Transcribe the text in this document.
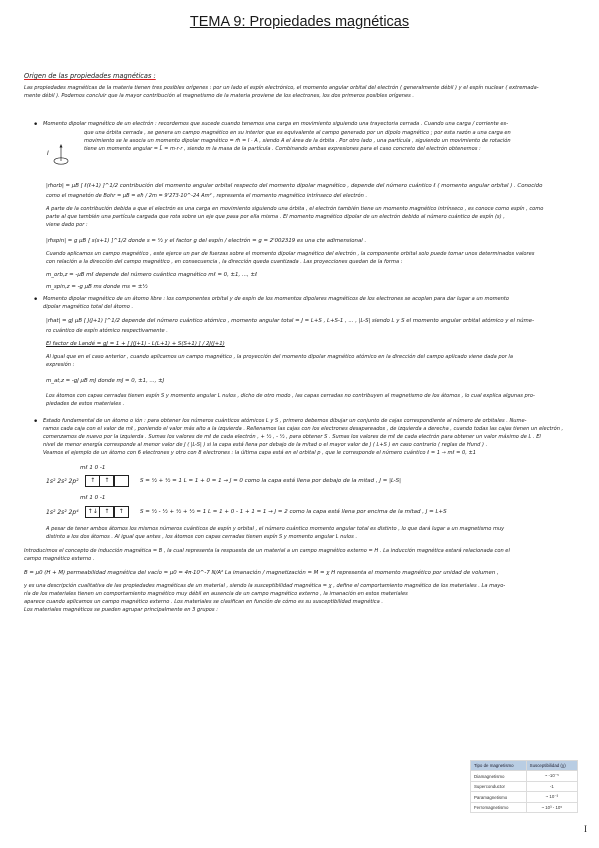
TEMA 9: Propiedades magnéticas
Origen de las propiedades magnéticas :
Las propiedades magnéticas de la materia tienen tres posibles orígenes : por un lado el espín electrónico, el momento angular orbital del electrón ( generalmente débil ) y el espín nuclear ( extremada-
mente débil ). Podemos concluir que la mayor contribución al magnetismo de la materia proviene de los electrones, los dos primeros posibles orígenes .
• Momento dipolar magnético de un electrón : recordemos que sucede cuando tenemos una carga en movimiento siguiendo una trayectoria cerrada . Cuando una carga / corriente es-
que una órbita cerrada , se genera un campo magnético en su interior que es equivalente al campo generado por un dipolo magnético ; por esta razón a una carga en
movimiento se le asocia un momento dipolar magnético = m̄ = I · A , siendo A el área de la órbita . Por otro lado , una partícula , siguiendo un movimiento de rotación
tiene un momento angular = L̄ = m·r·r , siendo m la masa de la partícula . Combinando ambas expresiones para el caso concreto del electrón obtenemos :
I
|m̄orb| = μB [ ℓ(ℓ+1) ]^1/2 contribución del momento angular orbital respecto del momento dipolar magnético , depende del número cuántico ℓ ( momento angular orbital ) . Conocido
como el magnetón de Bohr = μB = eħ / 2m = 9'273·10^-24 Am² , representa el momento magnético intrínseco del electrón .
A parte de la contribución debida a que el electrón es una carga en movimiento siguiendo una órbita , el electrón también tiene un momento magnético intrínseco , es conoce como espín , como
parte al que también una partícula cargada que rota sobre un eje que pasa por ella misma . El momento magnético dipolar de un electrón debido al número cuántico de espín (s) ,
viene dado por :
|m̄spin| = g μB [ s(s+1) ]^1/2 donde s = ½ y el factor g del espín / electrón = g = 2'002319 es una cte adimensional .
Cuando aplicamos un campo magnético , este ejerce un par de fuerzas sobre el momento dipolar magnético del electrón , la componente orbital solo puede tomar unos determinados valores
con relación a la dirección del campo magnético , en consecuencia , la dirección queda cuantizada . Las proyecciones quedan de la forma :
m_orb,z = -μB mℓ depende del número cuántico magnético mℓ = 0, ±1, ..., ±ℓ
m_spin,z = -g μB ms donde ms = ±½
• Momento dipolar magnético de un átomo libre : los componentes orbital y de espín de los momentos dipolares magnéticos de los electrones se acoplan para dar lugar a un momento
dipolar magnético total del átomo .
|m̄at| = gJ μB [ J(J+1) ]^1/2 depende del número cuántico atómico , momento angular total = J = L+S , L+S-1 , ... , |L-S| siendo L y S el momento angular orbital atómico y el núme-
ro cuántico de espín atómico respectivamente .
El factor de Landé = gJ = 1 + [ J(J+1) - L(L+1) + S(S+1) ] / 2J(J+1)
Al igual que en el caso anterior , cuando aplicamos un campo magnético , la proyección del momento dipolar magnético atómico en la dirección del campo aplicado viene dada por la
expresión :
m_at,z = -gJ μB mJ donde mJ = 0, ±1, ..., ±J
Los átomos con capas cerradas tienen espín S y momento angular L nulos , dicho de otro modo , las capas cerradas no contribuyen al magnetismo de los átomos , lo cual explica algunas pro-
piedades de estos materiales .
• Estado fundamental de un átomo o ión : para obtener los números cuánticos atómicos L y S , primero debemos dibujar un conjunto de cajas correspondiente al número de orbitales . Nume-
ramos cada caja con el valor de mℓ , poniendo el valor más alto a la izquierda . Rellenamos las cajas con los electrones desapareados , de izquierda a derecha , cuando todas las cajas tienen un electrón ,
comenzamos de nuevo por la izquierda . Sumas los valores de mℓ de cada electrón , + ½ , - ½ , para obtener S . Sumas los valores de mℓ de cada electrón para obtener un valor máximo de L . El
nivel de menor energía corresponde al menor valor de J ( |L-S| ) si la capa está llena por debajo de la mitad o el mayor valor de J ( L+S ) en caso contrario ( reglas de Hund ) .
Veamos el ejemplo de un átomo con 6 electrones y otro con 8 electrones : la última capa está en el orbital p , que le corresponde el número cuántico ℓ = 1 → mℓ = 0, ±1
mℓ 1 0 -1
1s² 2s² 2p²	↑	↑	S = ½ + ½ = 1 L = 1 + 0 = 1 → J = 0 como la capa está llena por debajo de la mitad , J = |L-S|
mℓ 1 0 -1
1s² 2s² 2p⁴	↑↓	↑	↑	S = ½ - ½ + ½ + ½ = 1 L = 1 + 0 - 1 + 1 = 1 → J = 2 como la capa está llena por encima de la mitad , J = L+S
A pesar de tener ambos átomos los mismos números cuánticos de espín y orbital , el número cuántico momento angular total es distinto , lo que dará lugar a un magnetismo muy
distinto a los dos átomos . Al igual que antes , los átomos con capas cerradas tienen espín S y momento angular L nulos .
Introducimos el concepto de inducción magnética = B , la cual representa la respuesta de un material a un campo magnético externo = H . La inducción magnética estará relacionada con el
campo magnético externo .
B = μ0 (H + M) permeabilidad magnética del vacío = μ0 = 4π·10^-7 N/A² La imanación / magnetización = M = χ H representa el momento magnético por unidad de volumen ,
y es una descripción cualitativa de las propiedades magnéticas de un material , siendo la susceptibilidad magnética = χ , define el comportamiento magnético de los materiales . La mayo-
ría de los materiales tienen un comportamiento magnético muy débil en ausencia de un campo magnético externo , la imanación en estos materiales
aparece cuando aplicamos un campo magnético externo . Los materiales se clasifican en función de cómo es su susceptibilidad magnética .
Los materiales magnéticos se pueden agrupar principalmente en 3 grupos :
Tipo de magnetismo	Susceptibilidad (χ)
Diamagnetismo	~ -10⁻⁵
Superconductor	-1
Paramagnetismo	~ 10⁻³
Ferromagnetismo	~ 10³ - 10⁵
I
